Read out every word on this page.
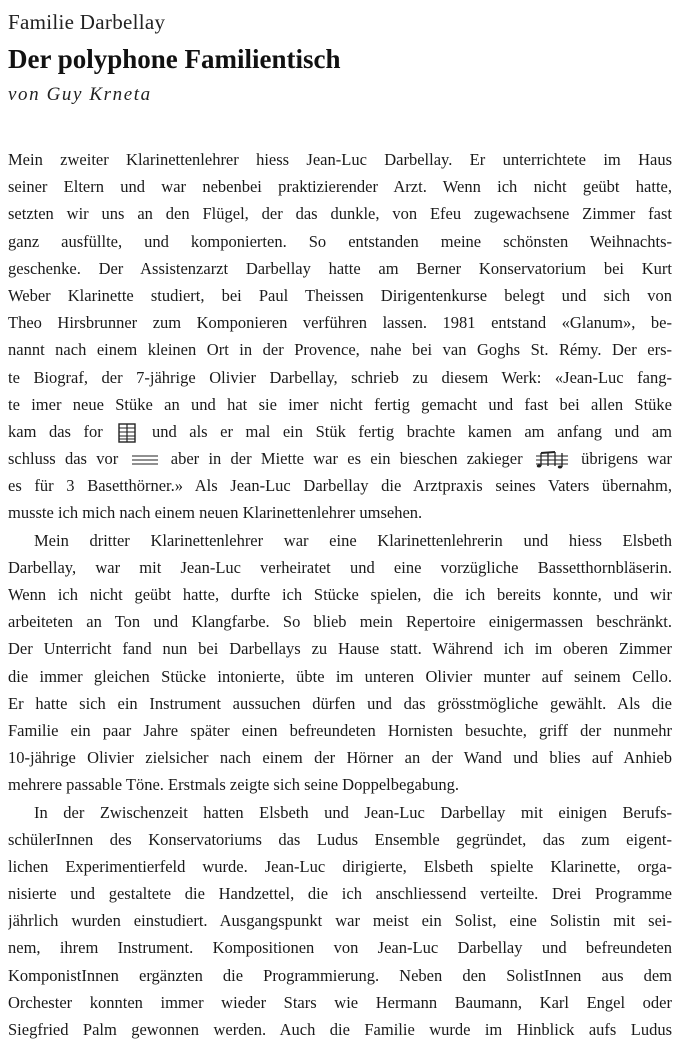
Familie Darbellay
Der polyphone Familientisch
von Guy Krneta
Mein zweiter Klarinettenlehrer hiess Jean-Luc Darbellay. Er unterrichtete im Haus
seiner Eltern und war nebenbei praktizierender Arzt. Wenn ich nicht geübt hatte,
setzten wir uns an den Flügel, der das dunkle, von Efeu zugewachsene Zimmer fast
ganz ausfüllte, und komponierten. So entstanden meine schönsten Weihnachts-
geschenke. Der Assistenzarzt Darbellay hatte am Berner Konservatorium bei Kurt
Weber Klarinette studiert, bei Paul Theissen Dirigentenkurse belegt und sich von
Theo Hirsbrunner zum Komponieren verführen lassen. 1981 entstand «Glanum», be-
nannt nach einem kleinen Ort in der Provence, nahe bei van Goghs St. Rémy. Der ers-
te Biograf, der 7-jährige Olivier Darbellay, schrieb zu diesem Werk: «Jean-Luc fang-
te imer neue Stüke an und hat sie imer nicht fertig gemacht und fast bei allen Stüke
kam das for	und als er mal ein Stük fertig brachte kamen am anfang und am
schluss das vor	aber in der Miette war es ein bieschen zakieger	übrigens war
es für 3 Basetthörner.» Als Jean-Luc Darbellay die Arztpraxis seines Vaters übernahm,
musste ich mich nach einem neuen Klarinettenlehrer umsehen.
Mein dritter Klarinettenlehrer war eine Klarinettenlehrerin und hiess Elsbeth
Darbellay, war mit Jean-Luc verheiratet und eine vorzügliche Bassetthornbläserin.
Wenn ich nicht geübt hatte, durfte ich Stücke spielen, die ich bereits konnte, und wir
arbeiteten an Ton und Klangfarbe. So blieb mein Repertoire einigermassen beschränkt.
Der Unterricht fand nun bei Darbellays zu Hause statt. Während ich im oberen Zimmer
die immer gleichen Stücke intonierte, übte im unteren Olivier munter auf seinem Cello.
Er hatte sich ein Instrument aussuchen dürfen und das grösstmögliche gewählt. Als die
Familie ein paar Jahre später einen befreundeten Hornisten besuchte, griff der nunmehr
10-jährige Olivier zielsicher nach einem der Hörner an der Wand und blies auf Anhieb
mehrere passable Töne. Erstmals zeigte sich seine Doppelbegabung.
In der Zwischenzeit hatten Elsbeth und Jean-Luc Darbellay mit einigen Berufs-
schülerInnen des Konservatoriums das Ludus Ensemble gegründet, das zum eigent-
lichen Experimentierfeld wurde. Jean-Luc dirigierte, Elsbeth spielte Klarinette, orga-
nisierte und gestaltete die Handzettel, die ich anschliessend verteilte. Drei Programme
jährlich wurden einstudiert. Ausgangspunkt war meist ein Solist, eine Solistin mit sei-
nem, ihrem Instrument. Kompositionen von Jean-Luc Darbellay und befreundeten
KomponistInnen ergänzten die Programmierung. Neben den SolistInnen aus dem
Orchester konnten immer wieder Stars wie Hermann Baumann, Karl Engel oder
Siegfried Palm gewonnen werden. Auch die Familie wurde im Hinblick aufs Ludus
